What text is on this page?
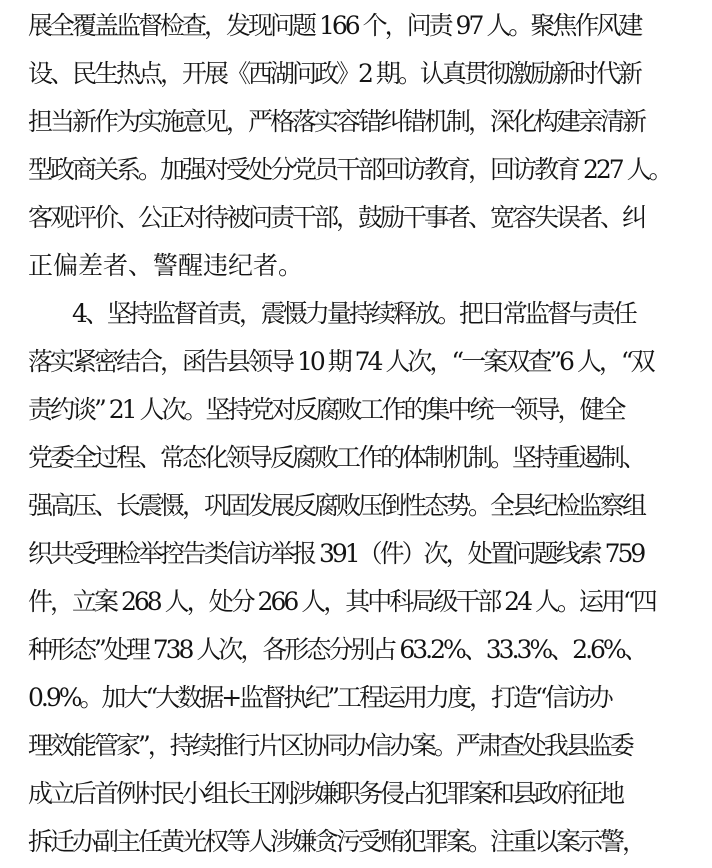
展全覆盖监督检查，发现问题 166 个，问责 97 人。聚焦作风建
设、民生热点，开展《西湖问政》2 期。认真贯彻激励新时代新
担当新作为实施意见，严格落实容错纠错机制，深化构建亲清新
型政商关系。加强对受处分党员干部回访教育，回访教育 227 人。
客观评价、公正对待被问责干部，鼓励干事者、宽容失误者、纠
正偏差者、警醒违纪者。
4、坚持监督首责，震慑力量持续释放。把日常监督与责任
落实紧密结合，函告县领导 10 期 74 人次，“一案双查”6 人，“双
责约谈” 21 人次。坚持党对反腐败工作的集中统一领导，健全
党委全过程、常态化领导反腐败工作的体制机制。坚持重遏制、
强高压、长震慑，巩固发展反腐败压倒性态势。全县纪检监察组
织共受理检举控告类信访举报 391（件）次，处置问题线索 759
件，立案 268 人，处分 266 人，其中科局级干部 24 人。运用“四
种形态”处理 738 人次，各形态分别占 63.2%、33.3%、2.6%、
0.9%。加大“大数据+监督执纪”工程运用力度，打造“信访办
理效能管家”，持续推行片区协同办信办案。严肃查处我县监委
成立后首例村民小组长王刚涉嫌职务侵占犯罪案和县政府征地
拆迁办副主任黄光权等人涉嫌贪污受贿犯罪案。注重以案示警，
